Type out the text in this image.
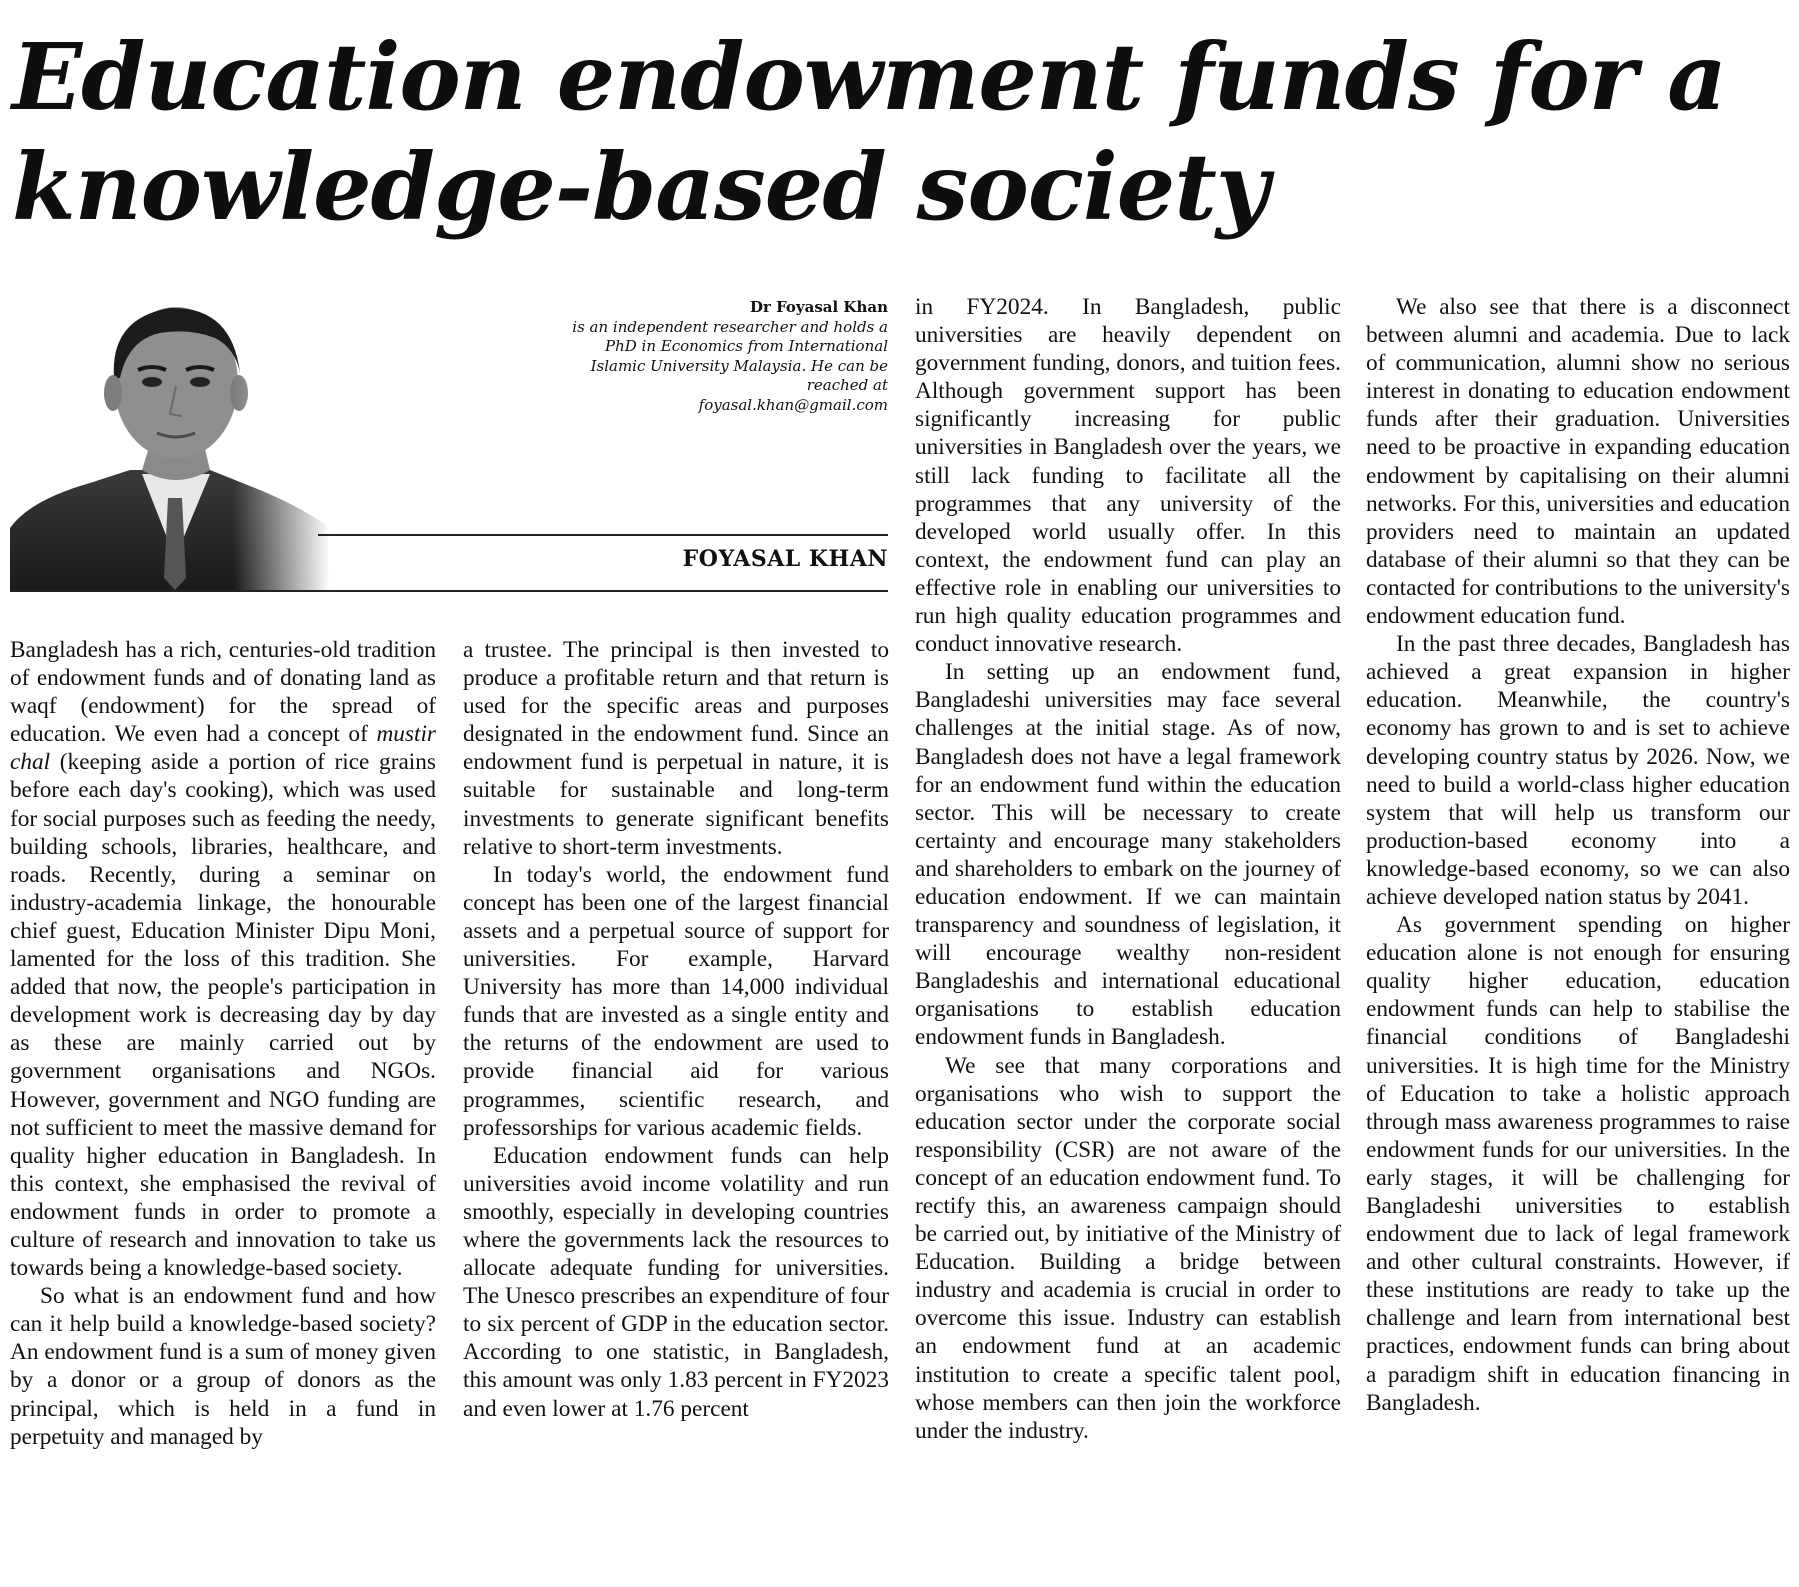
Education endowment funds for a
knowledge-based society
Dr Foyasal Khan
is an independent researcher and holds a PhD in Economics from International Islamic University Malaysia. He can be reached at
foyasal.khan@gmail.com
FOYASAL KHAN

Bangladesh has a rich, centuries-old tradition of endowment funds and of donating land as waqf (endowment) for the spread of education. We even had a concept of mustir chal (keeping aside a portion of rice grains before each day's cooking), which was used for social purposes such as feeding the needy, building schools, libraries, healthcare, and roads. Recently, during a seminar on industry-academia linkage, the honourable chief guest, Education Minister Dipu Moni, lamented for the loss of this tradition. She added that now, the people's participation in development work is decreasing day by day as these are mainly carried out by government organisations and NGOs. However, government and NGO funding are not sufficient to meet the massive demand for quality higher education in Bangladesh. In this context, she emphasised the revival of endowment funds in order to promote a culture of research and innovation to take us towards being a knowledge-based society.

So what is an endowment fund and how can it help build a knowledge-based society? An endowment fund is a sum of money given by a donor or a group of donors as the principal, which is held in a fund in perpetuity and managed by

a trustee. The principal is then invested to produce a profitable return and that return is used for the specific areas and purposes designated in the endowment fund. Since an endowment fund is perpetual in nature, it is suitable for sustainable and long-term investments to generate significant benefits relative to short-term investments.

In today's world, the endowment fund concept has been one of the largest financial assets and a perpetual source of support for universities. For example, Harvard University has more than 14,000 individual funds that are invested as a single entity and the returns of the endowment are used to provide financial aid for various programmes, scientific research, and professorships for various academic fields.

Education endowment funds can help universities avoid income volatility and run smoothly, especially in developing countries where the governments lack the resources to allocate adequate funding for universities. The Unesco prescribes an expenditure of four to six percent of GDP in the education sector. According to one statistic, in Bangladesh, this amount was only 1.83 percent in FY2023 and even lower at 1.76 percent

in FY2024. In Bangladesh, public universities are heavily dependent on government funding, donors, and tuition fees. Although government support has been significantly increasing for public universities in Bangladesh over the years, we still lack funding to facilitate all the programmes that any university of the developed world usually offer. In this context, the endowment fund can play an effective role in enabling our universities to run high quality education programmes and conduct innovative research.

In setting up an endowment fund, Bangladeshi universities may face several challenges at the initial stage. As of now, Bangladesh does not have a legal framework for an endowment fund within the education sector. This will be necessary to create certainty and encourage many stakeholders and shareholders to embark on the journey of education endowment. If we can maintain transparency and soundness of legislation, it will encourage wealthy non-resident Bangladeshis and international educational organisations to establish education endowment funds in Bangladesh.

We see that many corporations and organisations who wish to support the education sector under the corporate social responsibility (CSR) are not aware of the concept of an education endowment fund. To rectify this, an awareness campaign should be carried out, by initiative of the Ministry of Education. Building a bridge between industry and academia is crucial in order to overcome this issue. Industry can establish an endowment fund at an academic institution to create a specific talent pool, whose members can then join the workforce under the industry.

We also see that there is a disconnect between alumni and academia. Due to lack of communication, alumni show no serious interest in donating to education endowment funds after their graduation. Universities need to be proactive in expanding education endowment by capitalising on their alumni networks. For this, universities and education providers need to maintain an updated database of their alumni so that they can be contacted for contributions to the university's endowment education fund.

In the past three decades, Bangladesh has achieved a great expansion in higher education. Meanwhile, the country's economy has grown to and is set to achieve developing country status by 2026. Now, we need to build a world-class higher education system that will help us transform our production-based economy into a knowledge-based economy, so we can also achieve developed nation status by 2041.

As government spending on higher education alone is not enough for ensuring quality higher education, education endowment funds can help to stabilise the financial conditions of Bangladeshi universities. It is high time for the Ministry of Education to take a holistic approach through mass awareness programmes to raise endowment funds for our universities. In the early stages, it will be challenging for Bangladeshi universities to establish endowment due to lack of legal framework and other cultural constraints. However, if these institutions are ready to take up the challenge and learn from international best practices, endowment funds can bring about a paradigm shift in education financing in Bangladesh.
